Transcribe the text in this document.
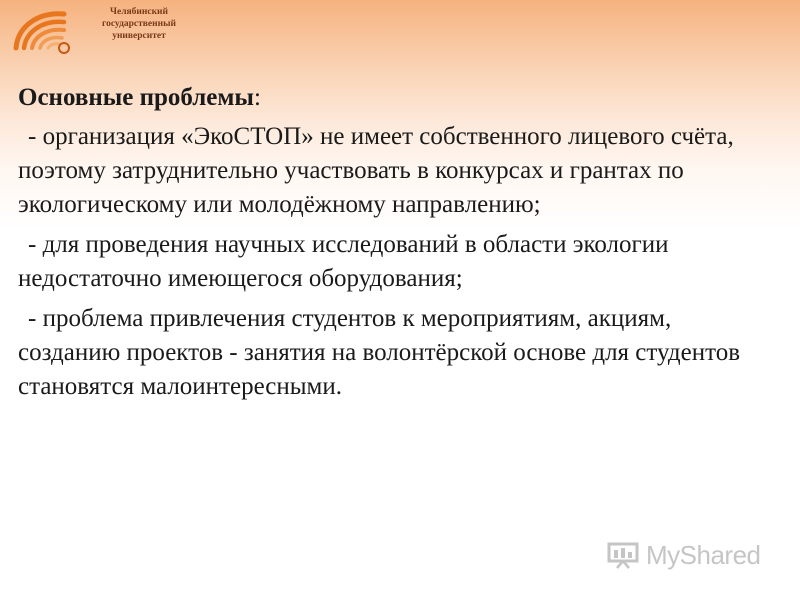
Челябинский
государственный
университет

Основные проблемы:

- организация «ЭкоСТОП» не имеет собственного лицевого счёта, поэтому затруднительно участвовать в конкурсах и грантах по экологическому или молодёжному направлению;

- для проведения научных исследований в области экологии недостаточно имеющегося оборудования;

- проблема привлечения студентов к мероприятиям, акциям, созданию проектов - занятия на волонтёрской основе для студентов становятся малоинтересными.

MyShared
